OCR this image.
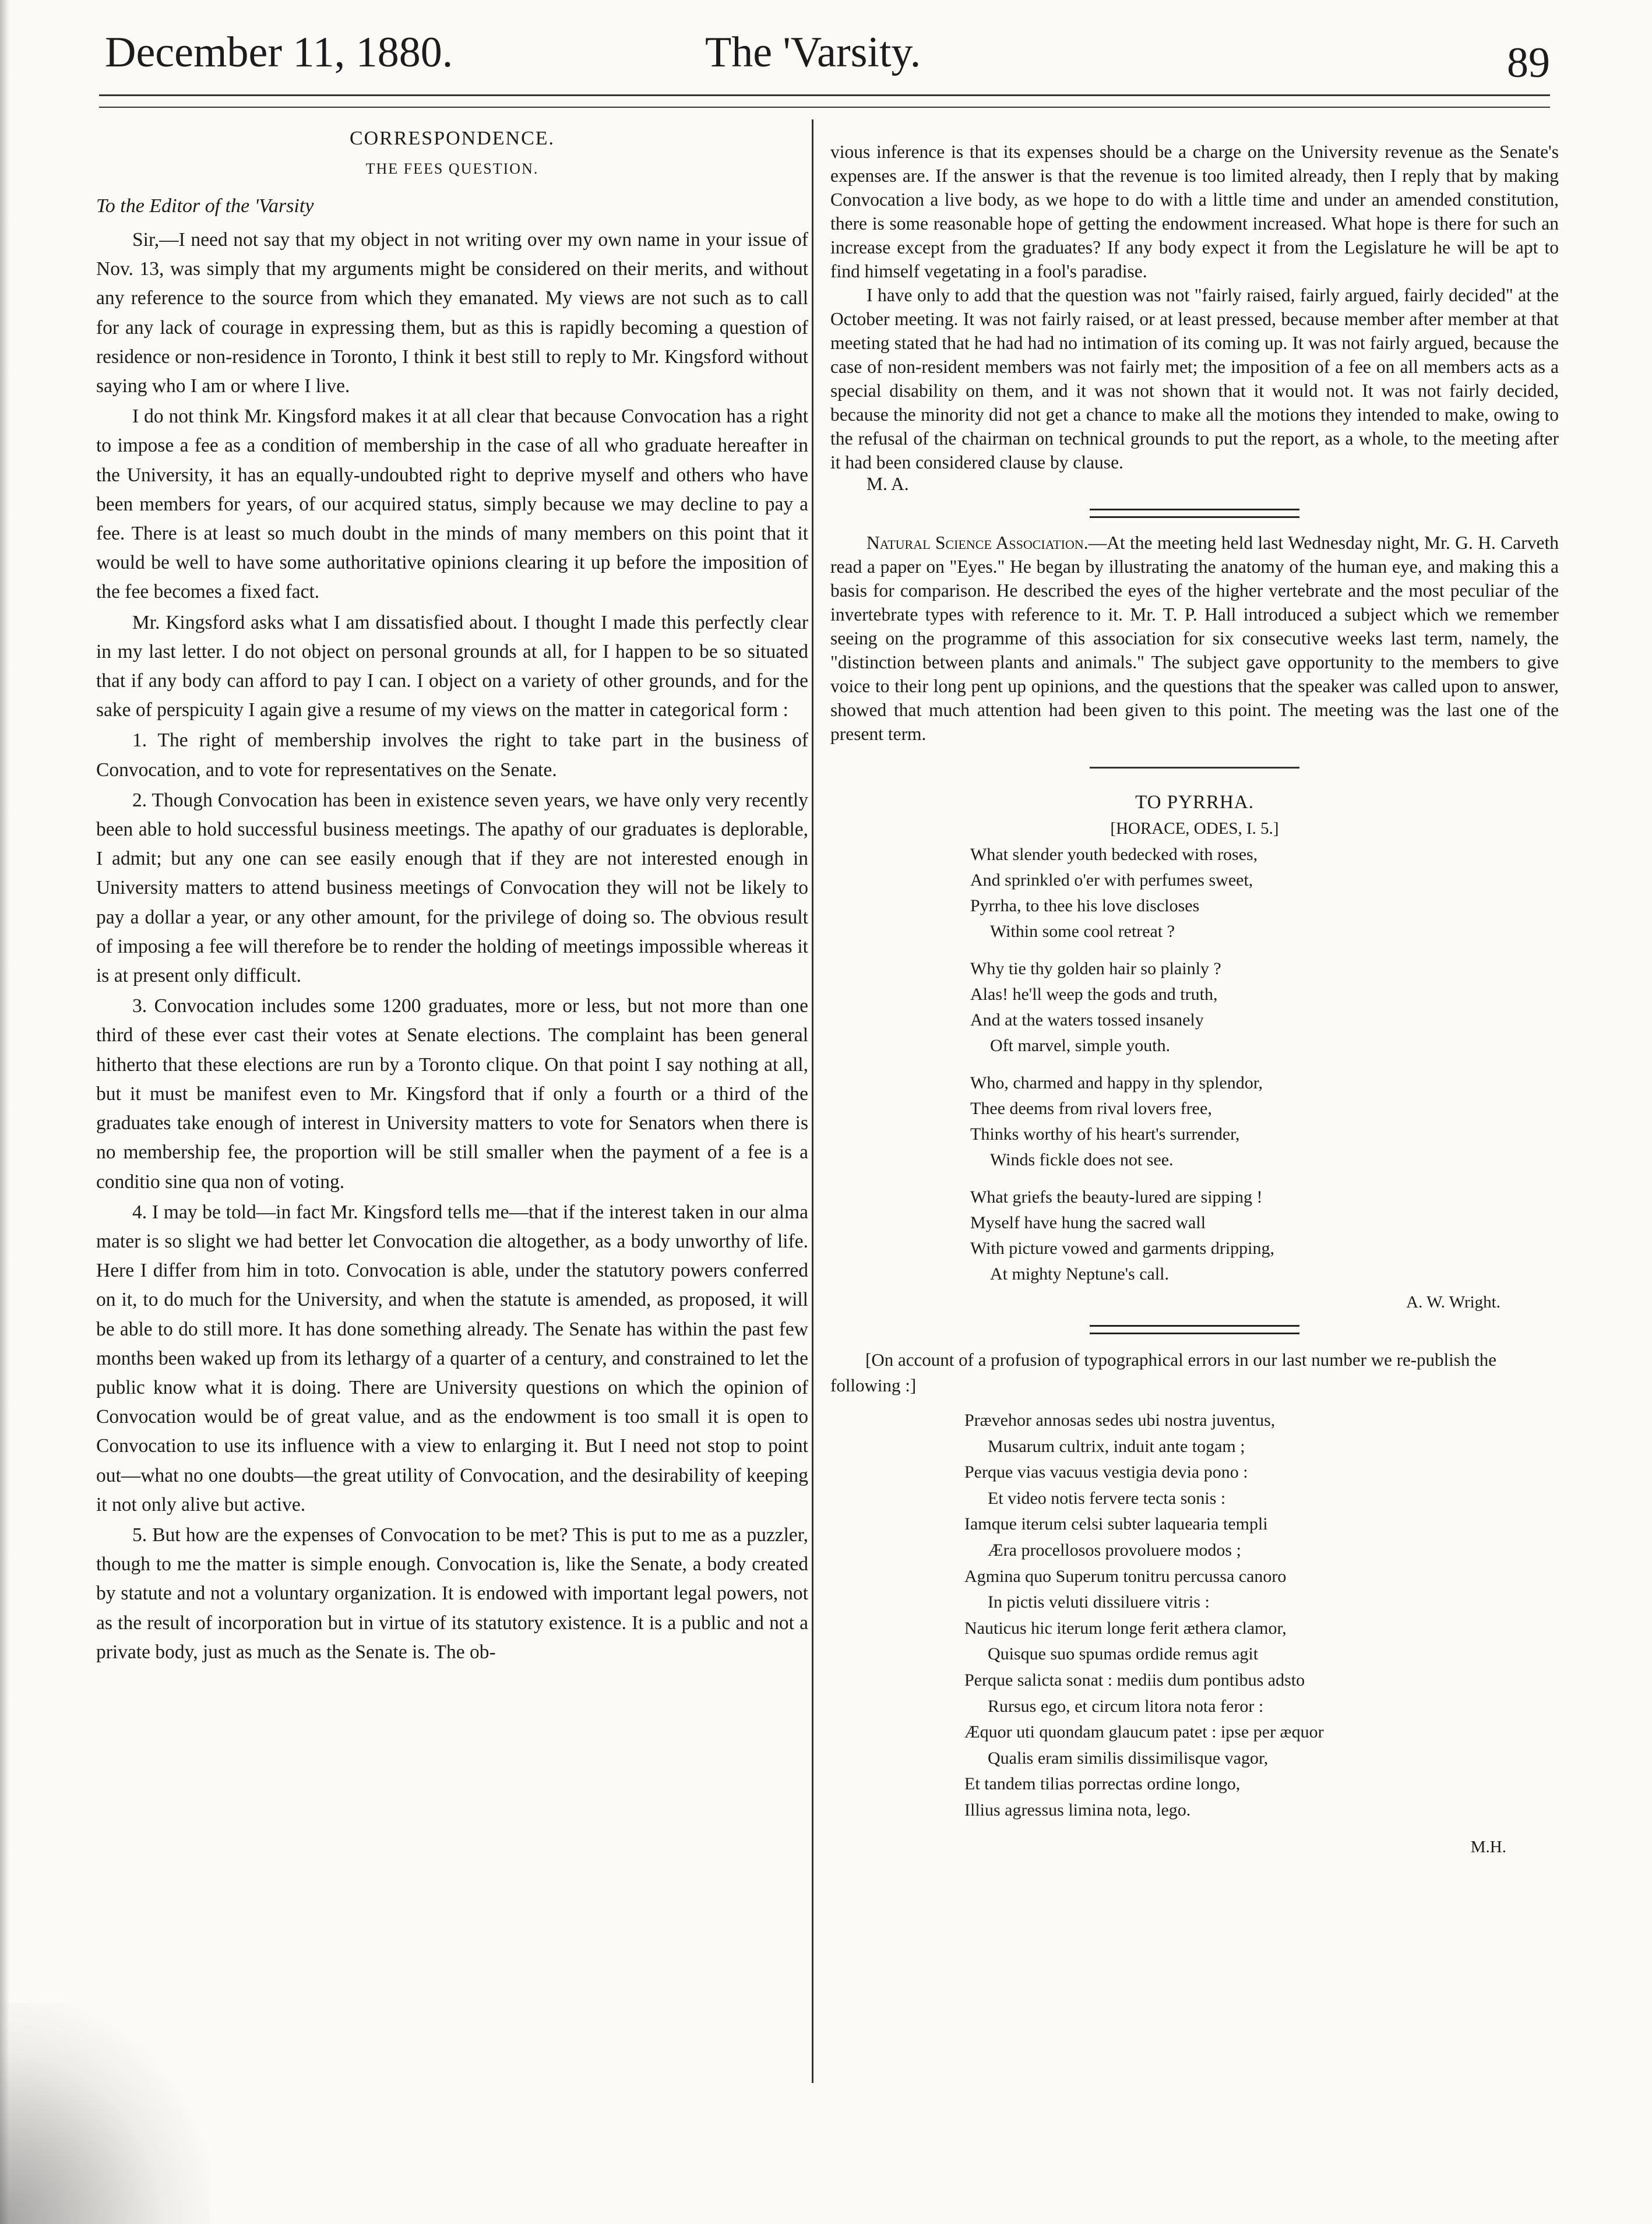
December 11, 1880.	The 'Varsity.	89
CORRESPONDENCE.
THE FEES QUESTION.
To the Editor of the 'Varsity

Sir,—I need not say that my object in not writing over my own name in your issue of Nov. 13, was simply that my arguments might be considered on their merits, and without any reference to the source from which they emanated. My views are not such as to call for any lack of courage in expressing them, but as this is rapidly becoming a question of residence or non-residence in Toronto, I think it best still to reply to Mr. Kingsford without saying who I am or where I live.

I do not think Mr. Kingsford makes it at all clear that because Convocation has a right to impose a fee as a condition of membership in the case of all who graduate hereafter in the University, it has an equally-undoubted right to deprive myself and others who have been members for years, of our acquired status, simply because we may decline to pay a fee. There is at least so much doubt in the minds of many members on this point that it would be well to have some authoritative opinions clearing it up before the imposition of the fee becomes a fixed fact.

Mr. Kingsford asks what I am dissatisfied about. I thought I made this perfectly clear in my last letter. I do not object on personal grounds at all, for I happen to be so situated that if any body can afford to pay I can. I object on a variety of other grounds, and for the sake of perspicuity I again give a resume of my views on the matter in categorical form :

1. The right of membership involves the right to take part in the business of Convocation, and to vote for representatives on the Senate.

2. Though Convocation has been in existence seven years, we have only very recently been able to hold successful business meetings. The apathy of our graduates is deplorable, I admit; but any one can see easily enough that if they are not interested enough in University matters to attend business meetings of Convocation they will not be likely to pay a dollar a year, or any other amount, for the privilege of doing so. The obvious result of imposing a fee will therefore be to render the holding of meetings impossible whereas it is at present only difficult.

3. Convocation includes some 1200 graduates, more or less, but not more than one third of these ever cast their votes at Senate elections. The complaint has been general hitherto that these elections are run by a Toronto clique. On that point I say nothing at all, but it must be manifest even to Mr. Kingsford that if only a fourth or a third of the graduates take enough of interest in University matters to vote for Senators when there is no membership fee, the proportion will be still smaller when the payment of a fee is a conditio sine qua non of voting.

4. I may be told—in fact Mr. Kingsford tells me—that if the interest taken in our alma mater is so slight we had better let Convocation die altogether, as a body unworthy of life. Here I differ from him in toto. Convocation is able, under the statutory powers conferred on it, to do much for the University, and when the statute is amended, as proposed, it will be able to do still more. It has done something already. The Senate has within the past few months been waked up from its lethargy of a quarter of a century, and constrained to let the public know what it is doing. There are University questions on which the opinion of Convocation would be of great value, and as the endowment is too small it is open to Convocation to use its influence with a view to enlarging it. But I need not stop to point out—what no one doubts—the great utility of Convocation, and the desirability of keeping it not only alive but active.

5. But how are the expenses of Convocation to be met? This is put to me as a puzzler, though to me the matter is simple enough. Convocation is, like the Senate, a body created by statute and not a voluntary organization. It is endowed with important legal powers, not as the result of incorporation but in virtue of its statutory existence. It is a public and not a private body, just as much as the Senate is. The ob-

vious inference is that its expenses should be a charge on the University revenue as the Senate's expenses are. If the answer is that the revenue is too limited already, then I reply that by making Convocation a live body, as we hope to do with a little time and under an amended constitution, there is some reasonable hope of getting the endowment increased. What hope is there for such an increase except from the graduates? If any body expect it from the Legislature he will be apt to find himself vegetating in a fool's paradise.

I have only to add that the question was not "fairly raised, fairly argued, fairly decided" at the October meeting. It was not fairly raised, or at least pressed, because member after member at that meeting stated that he had had no intimation of its coming up. It was not fairly argued, because the case of non-resident members was not fairly met; the imposition of a fee on all members acts as a special disability on them, and it was not shown that it would not. It was not fairly decided, because the minority did not get a chance to make all the motions they intended to make, owing to the refusal of the chairman on technical grounds to put the report, as a whole, to the meeting after it had been considered clause by clause.

M. A.

Natural Science Association.—At the meeting held last Wednesday night, Mr. G. H. Carveth read a paper on "Eyes." He began by illustrating the anatomy of the human eye, and making this a basis for comparison. He described the eyes of the higher vertebrate and the most peculiar of the invertebrate types with reference to it. Mr. T. P. Hall introduced a subject which we remember seeing on the programme of this association for six consecutive weeks last term, namely, the "distinction between plants and animals." The subject gave opportunity to the members to give voice to their long pent up opinions, and the questions that the speaker was called upon to answer, showed that much attention had been given to this point. The meeting was the last one of the present term.

TO PYRRHA.
[HORACE, ODES, I. 5.]
What slender youth bedecked with roses,
And sprinkled o'er with perfumes sweet,
Pyrrha, to thee his love discloses
Within some cool retreat ?
Why tie thy golden hair so plainly ?
Alas! he'll weep the gods and truth,
And at the waters tossed insanely
Oft marvel, simple youth.
Who, charmed and happy in thy splendor,
Thee deems from rival lovers free,
Thinks worthy of his heart's surrender,
Winds fickle does not see.
What griefs the beauty-lured are sipping !
Myself have hung the sacred wall
With picture vowed and garments dripping,
At mighty Neptune's call.
A. W. Wright.
[On account of a profusion of typographical errors in our last number we re-publish the following :]
Prævehor annosas sedes ubi nostra juventus,
Musarum cultrix, induit ante togam ;
Perque vias vacuus vestigia devia pono :
Et video notis fervere tecta sonis :
Iamque iterum celsi subter laquearia templi
Æra procellosos provoluere modos ;
Agmina quo Superum tonitru percussa canoro
In pictis veluti dissiluere vitris :
Nauticus hic iterum longe ferit æthera clamor,
Quisque suo spumas ordide remus agit
Perque salicta sonat : mediis dum pontibus adsto
Rursus ego, et circum litora nota feror :
Æquor uti quondam glaucum patet : ipse per æquor
Qualis eram similis dissimilisque vagor,
Et tandem tilias porrectas ordine longo,
Illius agressus limina nota, lego.
M.H.
